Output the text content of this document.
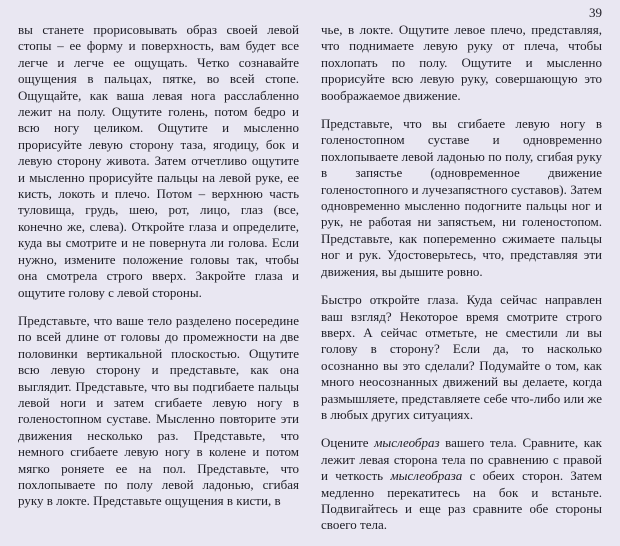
39

вы станете прорисовывать образ своей левой стопы – ее форму и поверхность, вам будет все легче и легче ее ощущать. Четко сознавайте ощущения в пальцах, пятке, во всей стопе. Ощущайте, как ваша левая нога расслабленно лежит на полу. Ощутите голень, потом бедро и всю ногу целиком. Ощутите и мысленно прорисуйте левую сторону таза, ягодицу, бок и левую сторону живота. Затем отчетливо ощутите и мысленно прорисуйте пальцы на левой руке, ее кисть, локоть и плечо. Потом – верхнюю часть туловища, грудь, шею, рот, лицо, глаз (все, конечно же, слева). Откройте глаза и определите, куда вы смотрите и не повернута ли голова. Если нужно, измените положение головы так, чтобы она смотрела строго вверх. Закройте глаза и ощутите голову с левой стороны.

Представьте, что ваше тело разделено посередине по всей длине от головы до промежности на две половинки вертикальной плоскостью. Ощутите всю левую сторону и представьте, как она выглядит. Представьте, что вы подгибаете пальцы левой ноги и затем сгибаете левую ногу в голеностопном суставе. Мысленно повторите эти движения несколько раз. Представьте, что немного сгибаете левую ногу в колене и потом мягко роняете ее на пол. Представьте, что похлопываете по полу левой ладонью, сгибая руку в локте. Представьте ощущения в кисти, в

чье, в локте. Ощутите левое плечо, представляя, что поднимаете левую руку от плеча, чтобы похлопать по полу. Ощутите и мысленно прорисуйте всю левую руку, совершающую это воображаемое движение.

Представьте, что вы сгибаете левую ногу в голеностопном суставе и одновременно похлопываете левой ладонью по полу, сгибая руку в запястье (одновременное движение голеностопного и лучезапястного суставов). Затем одновременно мысленно подогните пальцы ног и рук, не работая ни запястьем, ни голеностопом. Представьте, как попеременно сжимаете пальцы ног и рук. Удостоверьтесь, что, представляя эти движения, вы дышите ровно.

Быстро откройте глаза. Куда сейчас направлен ваш взгляд? Некоторое время смотрите строго вверх. А сейчас отметьте, не сместили ли вы голову в сторону? Если да, то насколько осознанно вы это сделали? Подумайте о том, как много неосознанных движений вы делаете, когда размышляете, представляете себе что-либо или же в любых других ситуациях.

Оцените мыслеобраз вашего тела. Сравните, как лежит левая сторона тела по сравнению с правой и четкость мыслеобраза с обеих сторон. Затем медленно перекатитесь на бок и встаньте. Подвигайтесь и еще раз сравните обе стороны своего тела.
